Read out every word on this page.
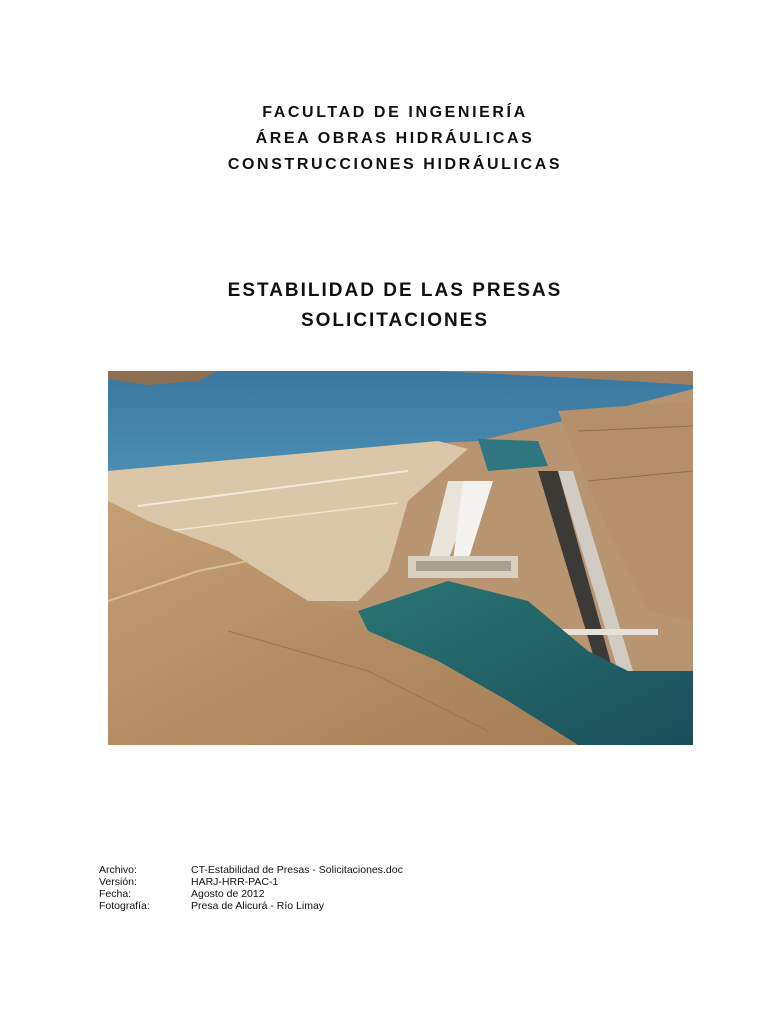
FACULTAD DE INGENIERÍA
ÁREA OBRAS HIDRÁULICAS
CONSTRUCCIONES HIDRÁULICAS
ESTABILIDAD DE LAS PRESAS
SOLICITACIONES
Archivo:	CT-Estabilidad de Presas - Solicitaciones.doc
Versión:	HARJ-HRR-PAC-1
Fecha:	Agosto de 2012
Fotografía:	Presa de Alicurá - Río Limay
